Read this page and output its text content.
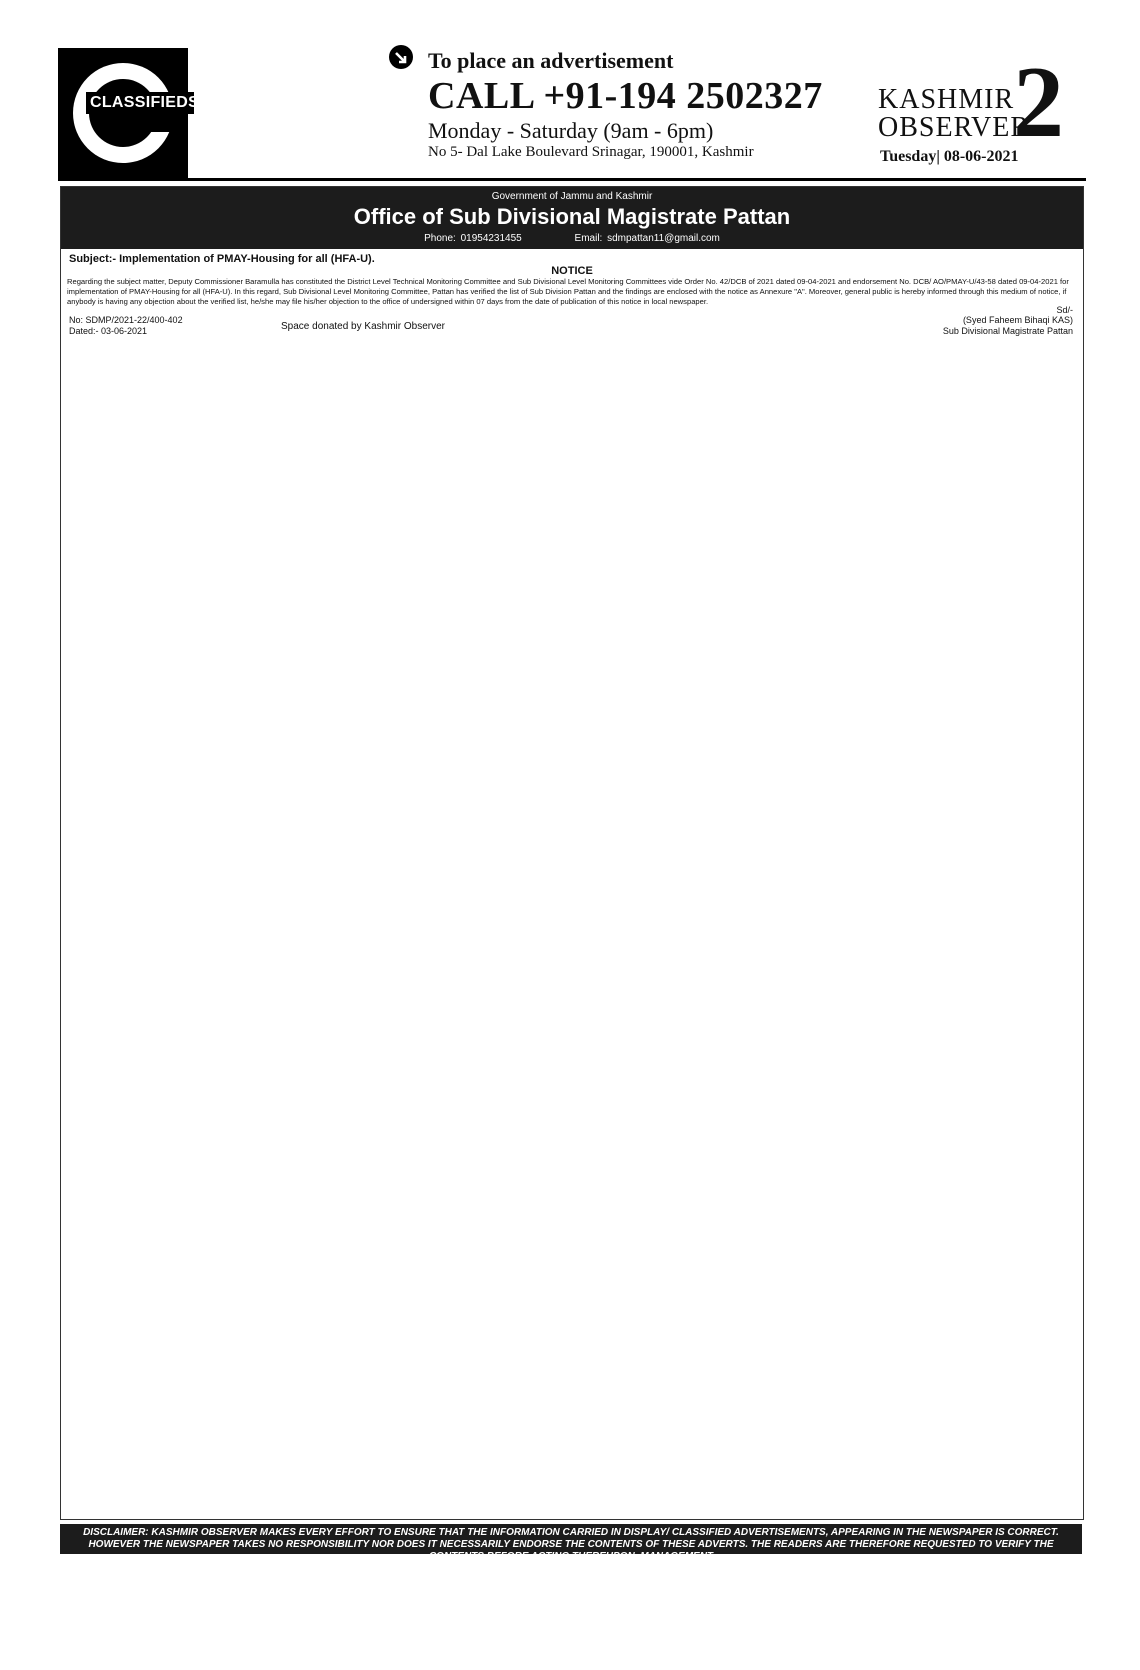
CLASSIFIEDS
To place an advertisement
CALL +91-194 2502327
Monday - Saturday (9am - 6pm)
No 5- Dal Lake Boulevard Srinagar, 190001, Kashmir
KASHMIR
OBSERVER
2
Tuesday| 08-06-2021
Government of Jammu and Kashmir
Office of Sub Divisional Magistrate Pattan
Phone: 01954231455	Email: sdmpattan11@gmail.com
Subject:- Implementation of PMAY-Housing for all (HFA-U).
NOTICE
Regarding the subject matter, Deputy Commissioner Baramulla has constituted the District Level Technical Monitoring Committee and Sub Divisional Level Monitoring Committees vide Order No. 42/DCB of 2021 dated 09-04-2021 and endorsement No. DCB/ AO/PMAY-U/43-58 dated 09-04-2021 for implementation of PMAY-Housing for all (HFA-U). In this regard, Sub Divisional Level Monitoring Committee, Pattan has verified the list of Sub Division Pattan and the findings are enclosed with the notice as Annexure "A". Moreover, general public is hereby informed through this medium of notice, if anybody is having any objection about the verified list, he/she may file his/her objection to the office of undersigned within 07 days from the date of publication of this notice in local newspaper.
Sd/-
(Syed Faheem Bihaqi KAS)
Sub Divisional Magistrate Pattan
No: SDMP/2021-22/400-402
Dated:- 03-06-2021	Space donated by Kashmir Observer
DISCLAIMER: KASHMIR OBSERVER MAKES EVERY EFFORT TO ENSURE THAT THE INFORMATION CARRIED IN DISPLAY/ CLASSIFIED ADVERTISEMENTS, APPEARING IN THE NEWSPAPER IS CORRECT. HOWEVER THE NEWSPAPER TAKES NO RESPONSIBILITY NOR DOES IT NECESSARILY ENDORSE THE CONTENTS OF THESE ADVERTS. THE READERS ARE THEREFORE REQUESTED TO VERIFY THE CONTENTS BEFORE ACTING THEREUPON. MANAGEMENT
